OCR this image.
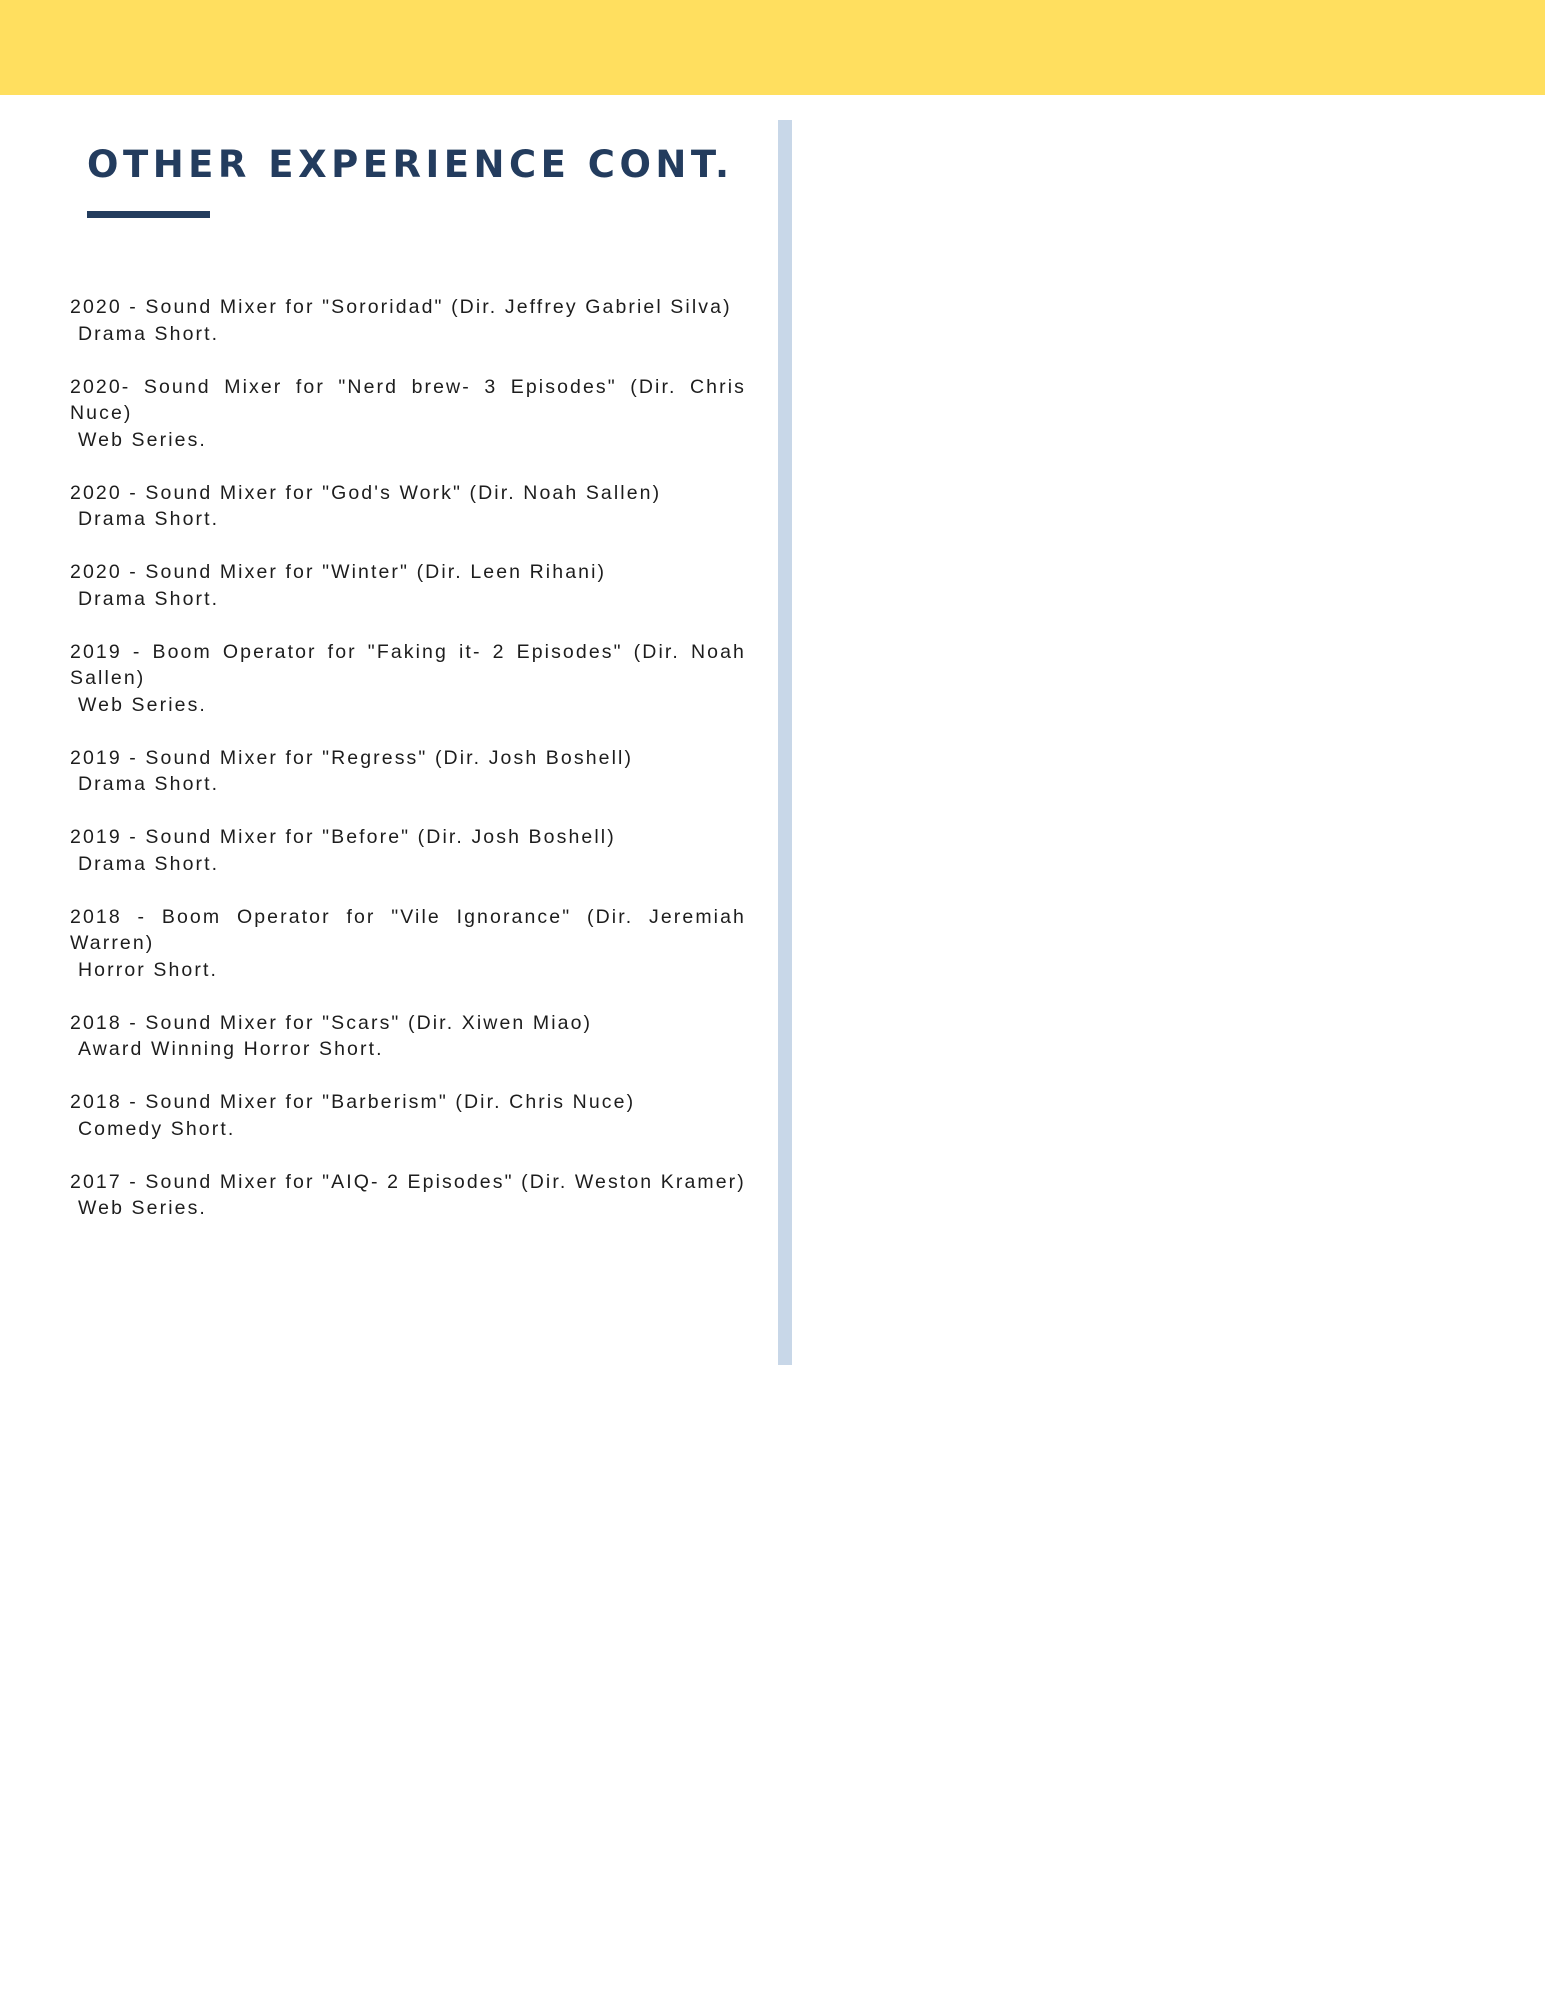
OTHER EXPERIENCE CONT.
2020 - Sound Mixer for "Sororidad" (Dir. Jeffrey Gabriel Silva)
Drama Short.
2020- Sound Mixer for "Nerd brew- 3 Episodes" (Dir. Chris Nuce)
Web Series.
2020 - Sound Mixer for "God's Work" (Dir. Noah Sallen)
Drama Short.
2020 - Sound Mixer for "Winter" (Dir. Leen Rihani)
Drama Short.
2019 - Boom Operator for "Faking it- 2 Episodes" (Dir. Noah Sallen)
Web Series.
2019 - Sound Mixer for "Regress" (Dir. Josh Boshell)
Drama Short.
2019 - Sound Mixer for "Before" (Dir. Josh Boshell)
Drama Short.
2018 - Boom Operator for "Vile Ignorance" (Dir. Jeremiah Warren)
Horror Short.
2018 - Sound Mixer for "Scars" (Dir. Xiwen Miao)
Award Winning Horror Short.
2018 - Sound Mixer for "Barberism" (Dir. Chris Nuce)
Comedy Short.
2017 - Sound Mixer for "AIQ- 2 Episodes" (Dir. Weston Kramer)
Web Series.
